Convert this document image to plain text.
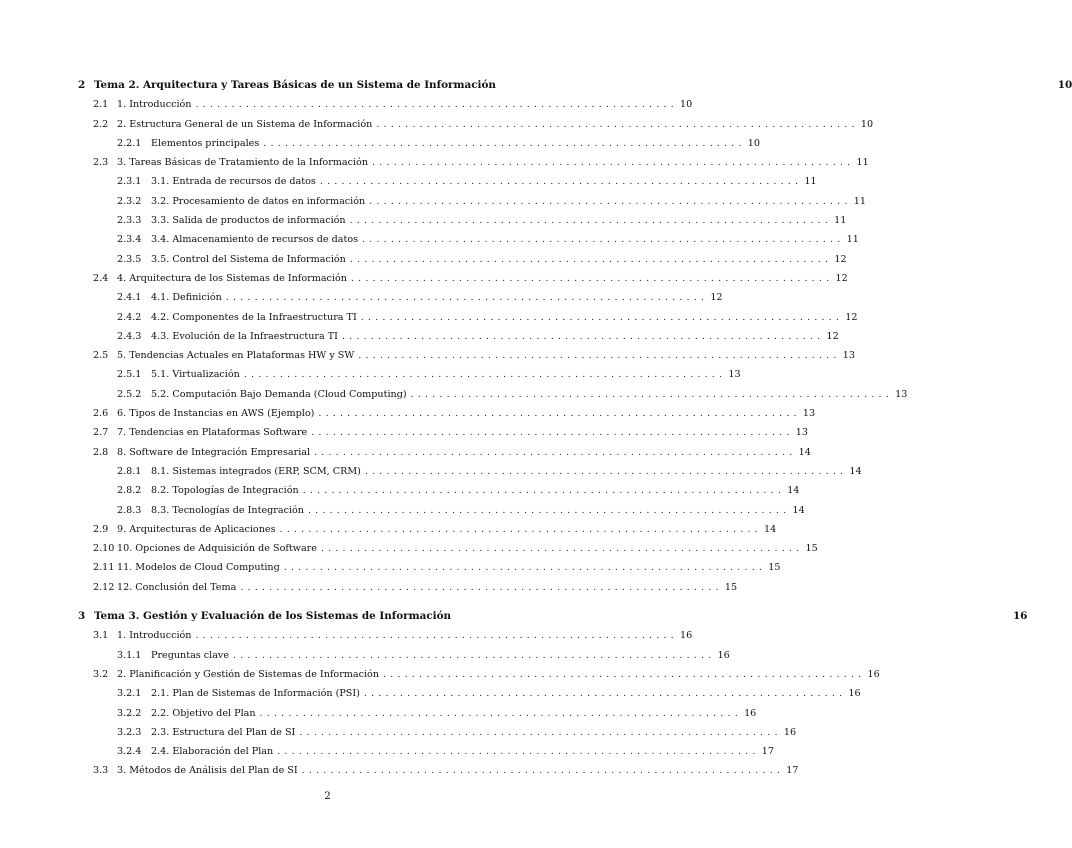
2 Tema 2. Arquitectura y Tareas Básicas de un Sistema de Información	10
2.1 1. Introducción . . . . . . . . . . . . . . . . . . . . . . . . . . . . . . . . . . . . . . . . . . . . . . . . . . . . . . . . . . . . . . . . . . . 10
2.2 2. Estructura General de un Sistema de Información . . . . . . . . . . . . . . . . . . . . . . . . . . . . . . . . . . . . . . . . . . . . . . . . . . . . . . . . . . . . . . . . . . . 10
2.2.1 Elementos principales . . . . . . . . . . . . . . . . . . . . . . . . . . . . . . . . . . . . . . . . . . . . . . . . . . . . . . . . . . . . . . . . . . . 10
2.3 3. Tareas Básicas de Tratamiento de la Información . . . . . . . . . . . . . . . . . . . . . . . . . . . . . . . . . . . . . . . . . . . . . . . . . . . . . . . . . . . . . . . . . . . 11
2.3.1 3.1. Entrada de recursos de datos . . . . . . . . . . . . . . . . . . . . . . . . . . . . . . . . . . . . . . . . . . . . . . . . . . . . . . . . . . . . . . . . . . . 11
2.3.2 3.2. Procesamiento de datos en información . . . . . . . . . . . . . . . . . . . . . . . . . . . . . . . . . . . . . . . . . . . . . . . . . . . . . . . . . . . . . . . . . . . 11
2.3.3 3.3. Salida de productos de información . . . . . . . . . . . . . . . . . . . . . . . . . . . . . . . . . . . . . . . . . . . . . . . . . . . . . . . . . . . . . . . . . . . 11
2.3.4 3.4. Almacenamiento de recursos de datos . . . . . . . . . . . . . . . . . . . . . . . . . . . . . . . . . . . . . . . . . . . . . . . . . . . . . . . . . . . . . . . . . . . 11
2.3.5 3.5. Control del Sistema de Información . . . . . . . . . . . . . . . . . . . . . . . . . . . . . . . . . . . . . . . . . . . . . . . . . . . . . . . . . . . . . . . . . . . 12
2.4 4. Arquitectura de los Sistemas de Información . . . . . . . . . . . . . . . . . . . . . . . . . . . . . . . . . . . . . . . . . . . . . . . . . . . . . . . . . . . . . . . . . . . 12
2.4.1 4.1. Definición . . . . . . . . . . . . . . . . . . . . . . . . . . . . . . . . . . . . . . . . . . . . . . . . . . . . . . . . . . . . . . . . . . . 12
2.4.2 4.2. Componentes de la Infraestructura TI . . . . . . . . . . . . . . . . . . . . . . . . . . . . . . . . . . . . . . . . . . . . . . . . . . . . . . . . . . . . . . . . . . . 12
2.4.3 4.3. Evolución de la Infraestructura TI . . . . . . . . . . . . . . . . . . . . . . . . . . . . . . . . . . . . . . . . . . . . . . . . . . . . . . . . . . . . . . . . . . . 12
2.5 5. Tendencias Actuales en Plataformas HW y SW . . . . . . . . . . . . . . . . . . . . . . . . . . . . . . . . . . . . . . . . . . . . . . . . . . . . . . . . . . . . . . . . . . . 13
2.5.1 5.1. Virtualización . . . . . . . . . . . . . . . . . . . . . . . . . . . . . . . . . . . . . . . . . . . . . . . . . . . . . . . . . . . . . . . . . . . 13
2.5.2 5.2. Computación Bajo Demanda (Cloud Computing) . . . . . . . . . . . . . . . . . . . . . . . . . . . . . . . . . . . . . . . . . . . . . . . . . . . . . . . . . . . . . . . . . . . 13
2.6 6. Tipos de Instancias en AWS (Ejemplo) . . . . . . . . . . . . . . . . . . . . . . . . . . . . . . . . . . . . . . . . . . . . . . . . . . . . . . . . . . . . . . . . . . . 13
2.7 7. Tendencias en Plataformas Software . . . . . . . . . . . . . . . . . . . . . . . . . . . . . . . . . . . . . . . . . . . . . . . . . . . . . . . . . . . . . . . . . . . 13
2.8 8. Software de Integración Empresarial . . . . . . . . . . . . . . . . . . . . . . . . . . . . . . . . . . . . . . . . . . . . . . . . . . . . . . . . . . . . . . . . . . . 14
2.8.1 8.1. Sistemas integrados (ERP, SCM, CRM) . . . . . . . . . . . . . . . . . . . . . . . . . . . . . . . . . . . . . . . . . . . . . . . . . . . . . . . . . . . . . . . . . . . 14
2.8.2 8.2. Topologías de Integración . . . . . . . . . . . . . . . . . . . . . . . . . . . . . . . . . . . . . . . . . . . . . . . . . . . . . . . . . . . . . . . . . . . 14
2.8.3 8.3. Tecnologías de Integración . . . . . . . . . . . . . . . . . . . . . . . . . . . . . . . . . . . . . . . . . . . . . . . . . . . . . . . . . . . . . . . . . . . 14
2.9 9. Arquitecturas de Aplicaciones . . . . . . . . . . . . . . . . . . . . . . . . . . . . . . . . . . . . . . . . . . . . . . . . . . . . . . . . . . . . . . . . . . . 14
2.10 10. Opciones de Adquisición de Software . . . . . . . . . . . . . . . . . . . . . . . . . . . . . . . . . . . . . . . . . . . . . . . . . . . . . . . . . . . . . . . . . . . 15
2.11 11. Modelos de Cloud Computing . . . . . . . . . . . . . . . . . . . . . . . . . . . . . . . . . . . . . . . . . . . . . . . . . . . . . . . . . . . . . . . . . . . 15
2.12 12. Conclusión del Tema . . . . . . . . . . . . . . . . . . . . . . . . . . . . . . . . . . . . . . . . . . . . . . . . . . . . . . . . . . . . . . . . . . . 15
3 Tema 3. Gestión y Evaluación de los Sistemas de Información	16
3.1 1. Introducción . . . . . . . . . . . . . . . . . . . . . . . . . . . . . . . . . . . . . . . . . . . . . . . . . . . . . . . . . . . . . . . . . . . 16
3.1.1 Preguntas clave . . . . . . . . . . . . . . . . . . . . . . . . . . . . . . . . . . . . . . . . . . . . . . . . . . . . . . . . . . . . . . . . . . . 16
3.2 2. Planificación y Gestión de Sistemas de Información . . . . . . . . . . . . . . . . . . . . . . . . . . . . . . . . . . . . . . . . . . . . . . . . . . . . . . . . . . . . . . . . . . . 16
3.2.1 2.1. Plan de Sistemas de Información (PSI) . . . . . . . . . . . . . . . . . . . . . . . . . . . . . . . . . . . . . . . . . . . . . . . . . . . . . . . . . . . . . . . . . . . 16
3.2.2 2.2. Objetivo del Plan . . . . . . . . . . . . . . . . . . . . . . . . . . . . . . . . . . . . . . . . . . . . . . . . . . . . . . . . . . . . . . . . . . . 16
3.2.3 2.3. Estructura del Plan de SI . . . . . . . . . . . . . . . . . . . . . . . . . . . . . . . . . . . . . . . . . . . . . . . . . . . . . . . . . . . . . . . . . . . 16
3.2.4 2.4. Elaboración del Plan . . . . . . . . . . . . . . . . . . . . . . . . . . . . . . . . . . . . . . . . . . . . . . . . . . . . . . . . . . . . . . . . . . . 17
3.3 3. Métodos de Análisis del Plan de SI . . . . . . . . . . . . . . . . . . . . . . . . . . . . . . . . . . . . . . . . . . . . . . . . . . . . . . . . . . . . . . . . . . . 17
2
